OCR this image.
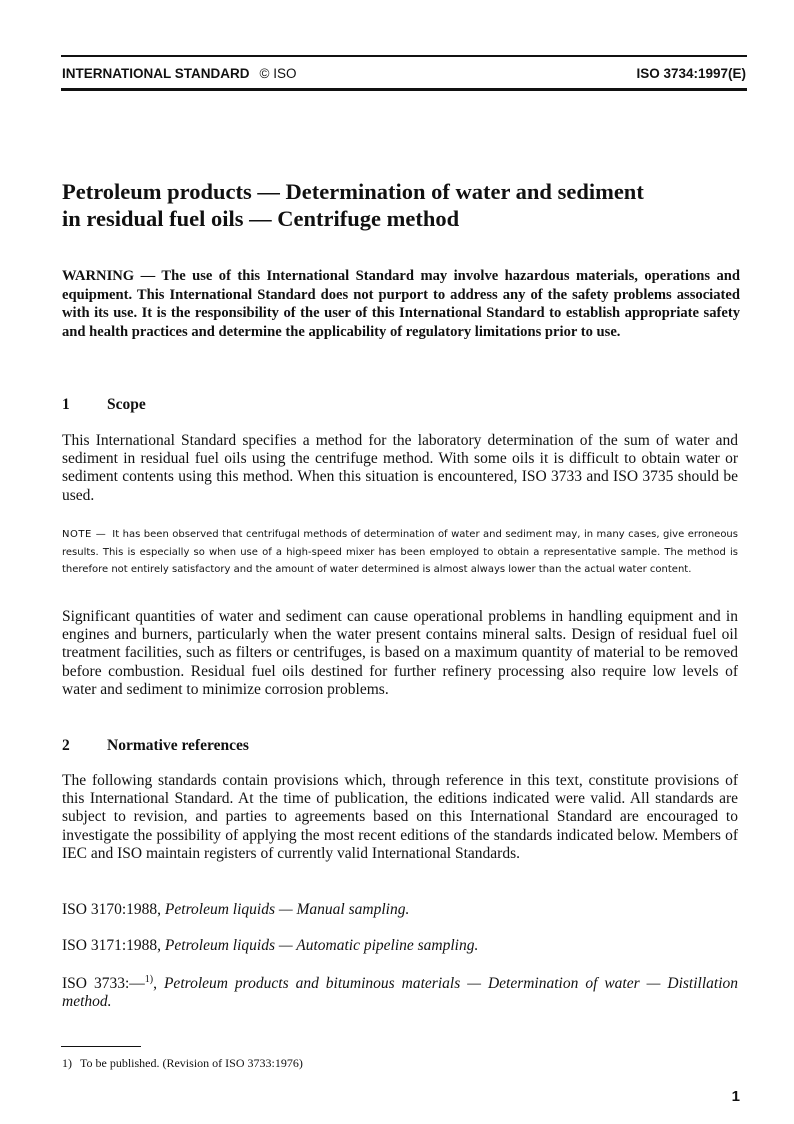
INTERNATIONAL STANDARD © ISO	ISO 3734:1997(E)
Petroleum products — Determination of water and sediment
in residual fuel oils — Centrifuge method
WARNING — The use of this International Standard may involve hazardous materials, operations and equipment. This International Standard does not purport to address any of the safety problems associated with its use. It is the responsibility of the user of this International Standard to establish appropriate safety and health practices and determine the applicability of regulatory limitations prior to use.
1 Scope
This International Standard specifies a method for the laboratory determination of the sum of water and sediment in residual fuel oils using the centrifuge method. With some oils it is difficult to obtain water or sediment contents using this method. When this situation is encountered, ISO 3733 and ISO 3735 should be used.
NOTE — It has been observed that centrifugal methods of determination of water and sediment may, in many cases, give erroneous results. This is especially so when use of a high-speed mixer has been employed to obtain a representative sample. The method is therefore not entirely satisfactory and the amount of water determined is almost always lower than the actual water content.
Significant quantities of water and sediment can cause operational problems in handling equipment and in engines and burners, particularly when the water present contains mineral salts. Design of residual fuel oil treatment facilities, such as filters or centrifuges, is based on a maximum quantity of material to be removed before combustion. Residual fuel oils destined for further refinery processing also require low levels of water and sediment to minimize corrosion problems.
2 Normative references
The following standards contain provisions which, through reference in this text, constitute provisions of this International Standard. At the time of publication, the editions indicated were valid. All standards are subject to revision, and parties to agreements based on this International Standard are encouraged to investigate the possibility of applying the most recent editions of the standards indicated below. Members of IEC and ISO maintain registers of currently valid International Standards.
ISO 3170:1988, Petroleum liquids — Manual sampling.
ISO 3171:1988, Petroleum liquids — Automatic pipeline sampling.
ISO 3733:—$^{1)}$, Petroleum products and bituminous materials — Determination of water — Distillation method.
1) To be published. (Revision of ISO 3733:1976)
1
